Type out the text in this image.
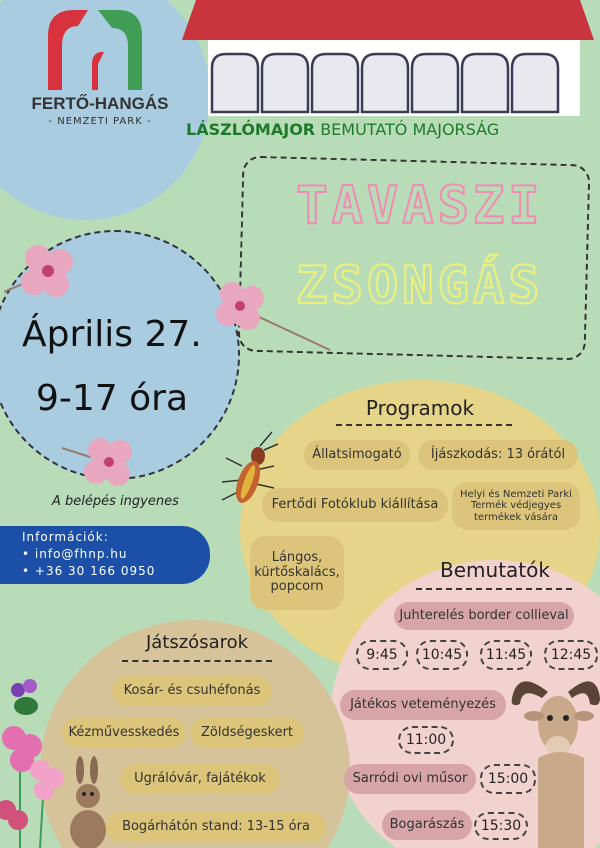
FERTŐ-HANGÁS
- NEMZETI PARK -	LÁSZLÓMAJOR BEMUTATÓ MAJORSÁG
TAVASZI
ZSONGÁS
Április 27.
9-17 óra
A belépés ingyenes
Információk:
• info@fhnp.hu
• +36 30 166 0950
Programok
Állatsimogató	Íjászkodás: 13 órától
Fertődi Fotóklub kiállítása
Helyi és Nemzeti Parki Termék védjegyes termékek vására
Lángos, kürtőskalács, popcorn
Bemutatók
Juhterelés border collieval
9:45	10:45	11:45	12:45
Játékos veteményezés
11:00
Sarródi ovi műsor	15:00
Bogarászás	15:30
Játszósarok
Kosár- és csuhéfonás
Kézművesskedés	Zöldségeskert
Ugrálóvár, fajátékok
Bogárhátón stand: 13-15 óra
